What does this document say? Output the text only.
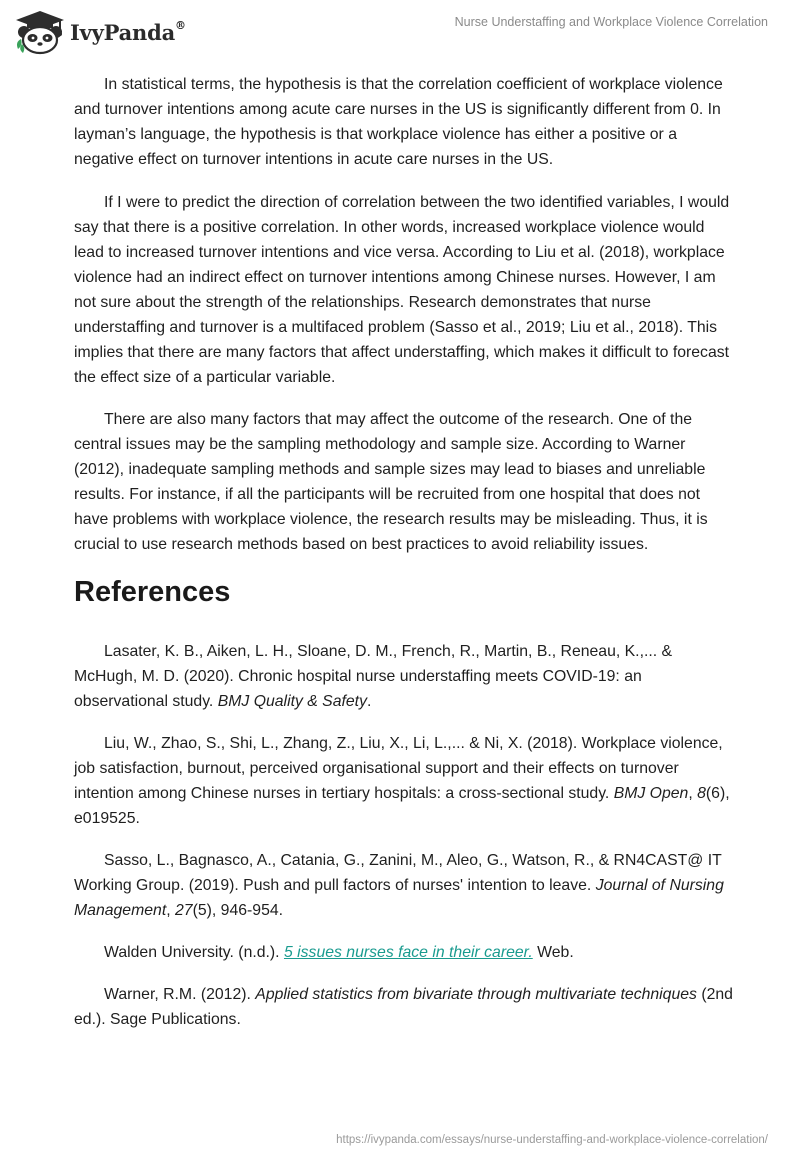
IvyPanda®	Nurse Understaffing and Workplace Violence Correlation

In statistical terms, the hypothesis is that the correlation coefficient of workplace violence and turnover intentions among acute care nurses in the US is significantly different from 0. In layman’s language, the hypothesis is that workplace violence has either a positive or a negative effect on turnover intentions in acute care nurses in the US.

If I were to predict the direction of correlation between the two identified variables, I would say that there is a positive correlation. In other words, increased workplace violence would lead to increased turnover intentions and vice versa. According to Liu et al. (2018), workplace violence had an indirect effect on turnover intentions among Chinese nurses. However, I am not sure about the strength of the relationships. Research demonstrates that nurse understaffing and turnover is a multifaced problem (Sasso et al., 2019; Liu et al., 2018). This implies that there are many factors that affect understaffing, which makes it difficult to forecast the effect size of a particular variable.

There are also many factors that may affect the outcome of the research. One of the central issues may be the sampling methodology and sample size. According to Warner (2012), inadequate sampling methods and sample sizes may lead to biases and unreliable results. For instance, if all the participants will be recruited from one hospital that does not have problems with workplace violence, the research results may be misleading. Thus, it is crucial to use research methods based on best practices to avoid reliability issues.

References

Lasater, K. B., Aiken, L. H., Sloane, D. M., French, R., Martin, B., Reneau, K.,... & McHugh, M. D. (2020). Chronic hospital nurse understaffing meets COVID-19: an observational study. BMJ Quality & Safety.

Liu, W., Zhao, S., Shi, L., Zhang, Z., Liu, X., Li, L.,... & Ni, X. (2018). Workplace violence, job satisfaction, burnout, perceived organisational support and their effects on turnover intention among Chinese nurses in tertiary hospitals: a cross-sectional study. BMJ Open, 8(6), e019525.

Sasso, L., Bagnasco, A., Catania, G., Zanini, M., Aleo, G., Watson, R., & RN4CAST@ IT Working Group. (2019). Push and pull factors of nurses' intention to leave. Journal of Nursing Management, 27(5), 946-954.

Walden University. (n.d.). 5 issues nurses face in their career. Web.

Warner, R.M. (2012). Applied statistics from bivariate through multivariate techniques (2nd ed.). Sage Publications.

https://ivypanda.com/essays/nurse-understaffing-and-workplace-violence-correlation/
